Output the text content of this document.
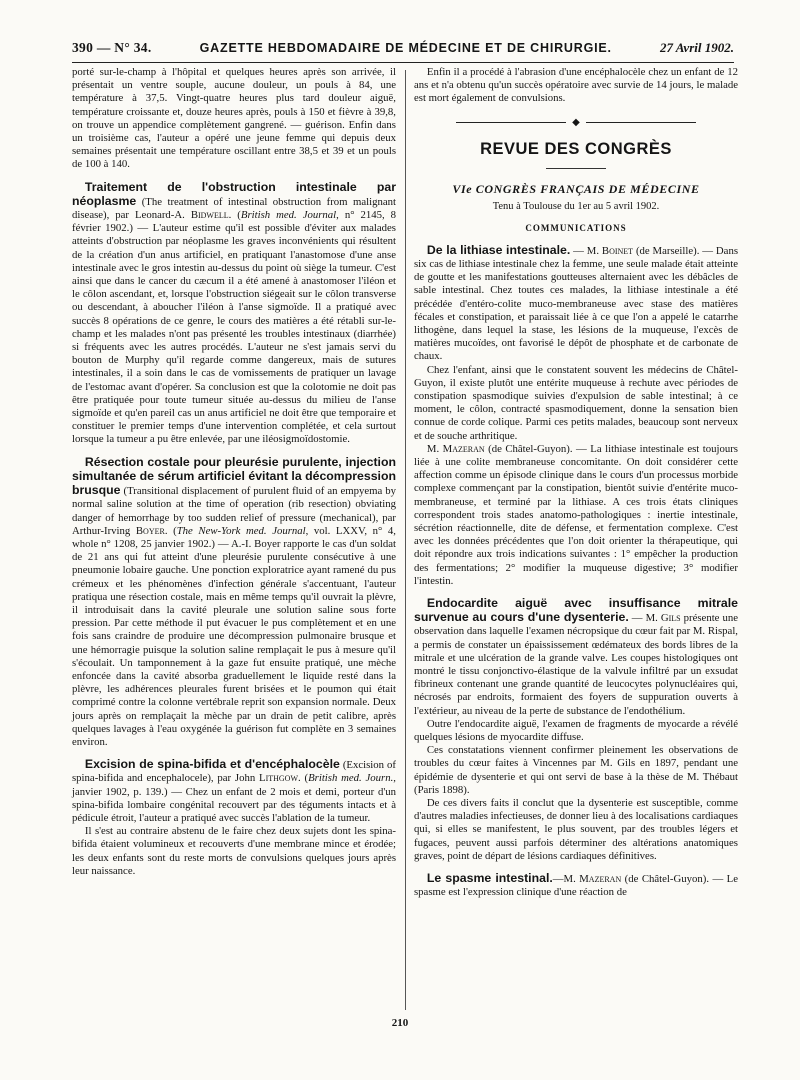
390 — N° 34.	GAZETTE HEBDOMADAIRE DE MÉDECINE ET DE CHIRURGIE.	27 Avril 1902.

porté sur-le-champ à l'hôpital et quelques heures après son arrivée, il présentait un ventre souple, aucune douleur, un pouls à 84, une température à 37,5. Vingt-quatre heures plus tard douleur aiguë, température croissante et, douze heures après, pouls à 150 et fièvre à 39,8, on trouve un appendice complètement gangrené. — guérison. Enfin dans un troisième cas, l'auteur a opéré une jeune femme qui depuis deux semaines présentait une température oscillant entre 38,5 et 39 et un pouls de 100 à 140.

Traitement de l'obstruction intestinale par néoplasme (The treatment of intestinal obstruction from malignant disease), par Leonard-A. Bidwell. (British med. Journal, n° 2145, 8 février 1902.) — L'auteur estime qu'il est possible d'éviter aux malades atteints d'obstruction par néoplasme les graves inconvénients qui résultent de la création d'un anus artificiel, en pratiquant l'anastomose d'une anse intestinale avec le gros intestin au-dessus du point où siège la tumeur. C'est ainsi que dans le cancer du cæcum il a été amené à anastomoser l'iléon et le côlon ascendant, et, lorsque l'obstruction siégeait sur le côlon transverse ou descendant, à aboucher l'iléon à l'anse sigmoïde. Il a pratiqué avec succès 8 opérations de ce genre, le cours des matières a été rétabli sur-le-champ et les malades n'ont pas présenté les troubles intestinaux (diarrhée) si fréquents avec les autres procédés. L'auteur ne s'est jamais servi du bouton de Murphy qu'il regarde comme dangereux, mais de sutures intestinales, il a soin dans le cas de vomissements de pratiquer un lavage de l'estomac avant d'opérer. Sa conclusion est que la colotomie ne doit pas être pratiquée pour toute tumeur située au-dessus du milieu de l'anse sigmoïde et qu'en pareil cas un anus artificiel ne doit être que temporaire et constituer le premier temps d'une intervention complétée, et cela surtout lorsque la tumeur a pu être enlevée, par une iléosigmoïdostomie.

Résection costale pour pleurésie purulente, injection simultanée de sérum artificiel évitant la décompression brusque (Transitional displacement of purulent fluid of an empyema by normal saline solution at the time of operation (rib resection) obviating danger of hemorrhage by too sudden relief of pressure (mechanical), par Arthur-Irving Boyer. (The New-York med. Journal, vol. LXXV, n° 4, whole n° 1208, 25 janvier 1902.) — A.-I. Boyer rapporte le cas d'un soldat de 21 ans qui fut atteint d'une pleurésie purulente consécutive à une pneumonie lobaire gauche. Une ponction exploratrice ayant ramené du pus crémeux et les phénomènes d'infection générale s'accentuant, l'auteur pratiqua une résection costale, mais en même temps qu'il ouvrait la plèvre, il introduisait dans la cavité pleurale une solution saline sous forte pression. Par cette méthode il put évacuer le pus complètement et en une fois sans craindre de produire une décompression pulmonaire brusque et une hémorragie puisque la solution saline remplaçait le pus à mesure qu'il s'écoulait. Un tamponnement à la gaze fut ensuite pratiqué, une mèche enfoncée dans la cavité absorba graduellement le liquide resté dans la plèvre, les adhérences pleurales furent brisées et le poumon qui était comprimé contre la colonne vertébrale reprit son expansion normale. Deux jours après on remplaçait la mèche par un drain de petit calibre, après quelques lavages à l'eau oxygénée la guérison fut complète en 3 semaines environ.

Excision de spina-bifida et d'encéphalocèle (Excision of spina-bifida and encephalocele), par John Lithgow. (British med. Journ., janvier 1902, p. 139.) — Chez un enfant de 2 mois et demi, porteur d'un spina-bifida lombaire congénital recouvert par des téguments intacts et à pédicule étroit, l'auteur a pratiqué avec succès l'ablation de la tumeur.

Il s'est au contraire abstenu de le faire chez deux sujets dont les spina-bifida étaient volumineux et recouverts d'une membrane mince et érodée; les deux enfants sont du reste morts de convulsions quelques jours après leur naissance.

Enfin il a procédé à l'abrasion d'une encéphalocèle chez un enfant de 12 ans et n'a obtenu qu'un succès opératoire avec survie de 14 jours, le malade est mort également de convulsions.

◆
REVUE DES CONGRÈS
VIe CONGRÈS FRANÇAIS DE MÉDECINE
Tenu à Toulouse du 1er au 5 avril 1902.
COMMUNICATIONS

De la lithiase intestinale. — M. Boinet (de Marseille). — Dans six cas de lithiase intestinale chez la femme, une seule malade était atteinte de goutte et les manifestations goutteuses alternaient avec les débâcles de sable intestinal. Chez toutes ces malades, la lithiase intestinale a été précédée d'entéro-colite muco-membraneuse avec stase des matières fécales et constipation, et paraissait liée à ce que l'on a appelé le catarrhe lithogène, dans lequel la stase, les lésions de la muqueuse, l'excès de matières mucoïdes, ont favorisé le dépôt de phosphate et de carbonate de chaux.

Chez l'enfant, ainsi que le constatent souvent les médecins de Châtel-Guyon, il existe plutôt une entérite muqueuse à rechute avec périodes de constipation spasmodique suivies d'expulsion de sable intestinal; à ce moment, le côlon, contracté spasmodiquement, donne la sensation bien connue de corde colique. Parmi ces petits malades, beaucoup sont nerveux et de souche arthritique.

M. Mazeran (de Châtel-Guyon). — La lithiase intestinale est toujours liée à une colite membraneuse concomitante. On doit considérer cette affection comme un épisode clinique dans le cours d'un processus morbide complexe commençant par la constipation, bientôt suivie d'entérite muco-membraneuse, et terminé par la lithiase. A ces trois états cliniques correspondent trois stades anatomo-pathologiques : inertie intestinale, sécrétion réactionnelle, dite de défense, et fermentation complexe. C'est avec les données précédentes que l'on doit orienter la thérapeutique, qui doit répondre aux trois indications suivantes : 1° empêcher la production des fermentations; 2° modifier la muqueuse digestive; 3° modifier l'intestin.

Endocardite aiguë avec insuffisance mitrale survenue au cours d'une dysenterie. — M. Gils présente une observation dans laquelle l'examen nécropsique du cœur fait par M. Rispal, a permis de constater un épaississement œdémateux des bords libres de la mitrale et une ulcération de la grande valve. Les coupes histologiques ont montré le tissu conjonctivo-élastique de la valvule infiltré par un exsudat fibrineux contenant une grande quantité de leucocytes polynucléaires qui, nécrosés par endroits, formaient des foyers de suppuration ouverts à l'extérieur, au niveau de la perte de substance de l'endothélium.

Outre l'endocardite aiguë, l'examen de fragments de myocarde a révélé quelques lésions de myocardite diffuse.

Ces constatations viennent confirmer pleinement les observations de troubles du cœur faites à Vincennes par M. Gils en 1897, pendant une épidémie de dysenterie et qui ont servi de base à la thèse de M. Thébaut (Paris 1898).

De ces divers faits il conclut que la dysenterie est susceptible, comme d'autres maladies infectieuses, de donner lieu à des localisations cardiaques qui, si elles se manifestent, le plus souvent, par des troubles légers et fugaces, peuvent aussi parfois déterminer des altérations anatomiques graves, point de départ de lésions cardiaques définitives.

Le spasme intestinal.—M. Mazeran (de Châtel-Guyon). — Le spasme est l'expression clinique d'une réaction de

210
